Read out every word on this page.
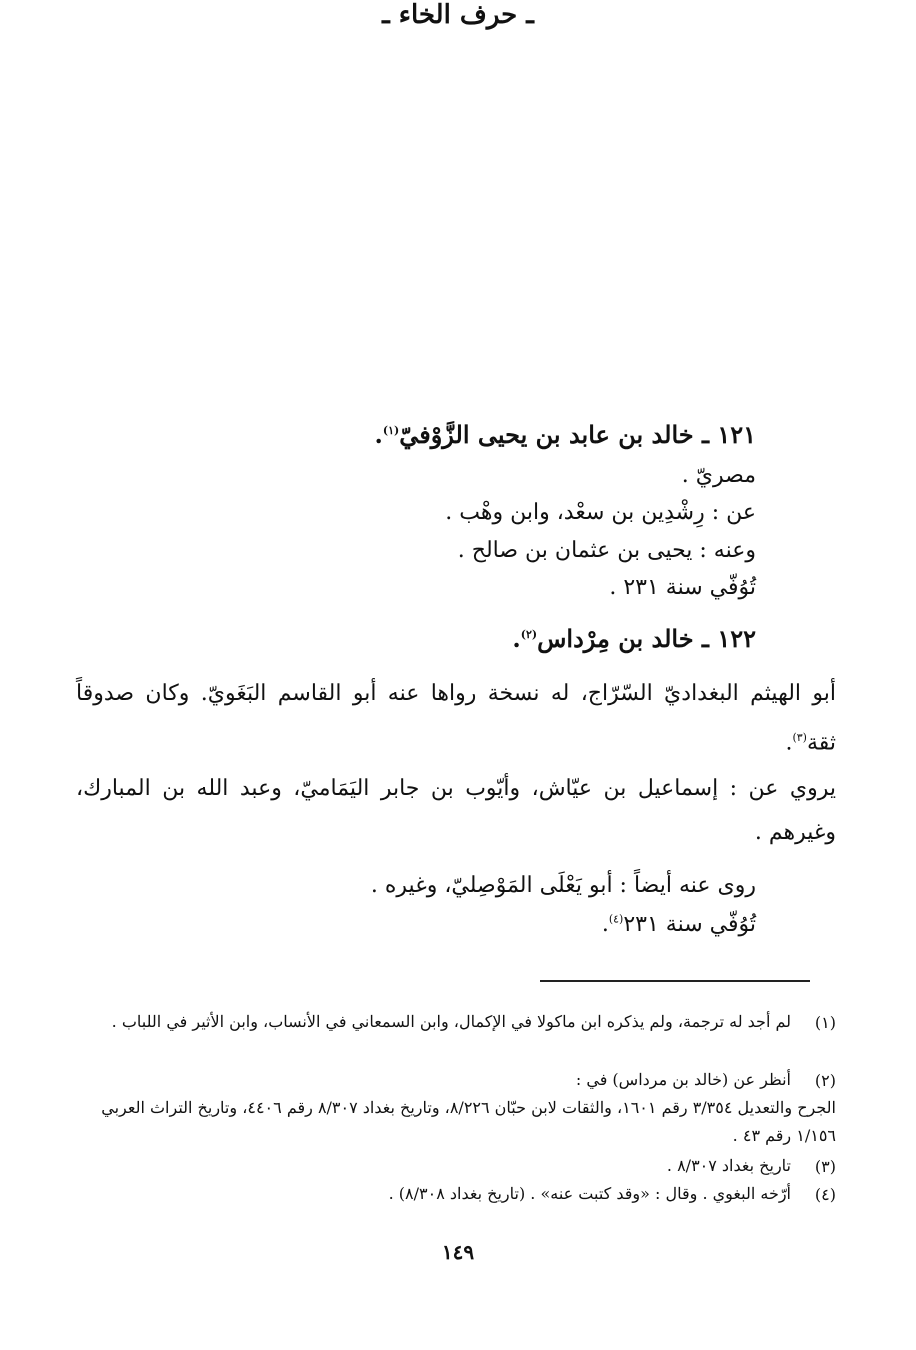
ـ حرف الخاء ـ
١٢١ ـ خالد بن عابد بن يحيى الزَّوْفيّ$^{(١)}$.
مصريّ .
عن : رِشْدِين بن سعْد، وابن وهْب .
وعنه : يحيى بن عثمان بن صالح .
تُوُفّي سنة ٢٣١ .
١٢٢ ـ خالد بن مِرْداس$^{(٢)}$.
أبو الهيثم البغداديّ السّرّاج، له نسخة رواها عنه أبو القاسم البَغَويّ. وكان صدوقاً ثقة$^{(٣)}$.
يروي عن : إسماعيل بن عيّاش، وأيّوب بن جابر اليَمَاميّ، وعبد الله بن المبارك، وغيرهم .
روى عنه أيضاً : أبو يَعْلَى المَوْصِليّ، وغيره .
تُوُفّي سنة ٢٣١$^{(٤)}$.
(١)
لم أجد له ترجمة، ولم يذكره ابن ماكولا في الإكمال، وابن السمعاني في الأنساب، وابن الأثير في اللباب .
(٢)
أنظر عن (خالد بن مرداس) في :
الجرح والتعديل ٣/٣٥٤ رقم ١٦٠١، والثقات لابن حبّان ٨/٢٢٦، وتاريخ بغداد ٨/٣٠٧ رقم ٤٤٠٦، وتاريخ التراث العربي ١/١٥٦ رقم ٤٣ .
(٣)
تاريخ بغداد ٨/٣٠٧ .
(٤)
أرّخه البغوي . وقال : «وقد كتبت عنه» . (تاريخ بغداد ٨/٣٠٨) .
١٤٩
